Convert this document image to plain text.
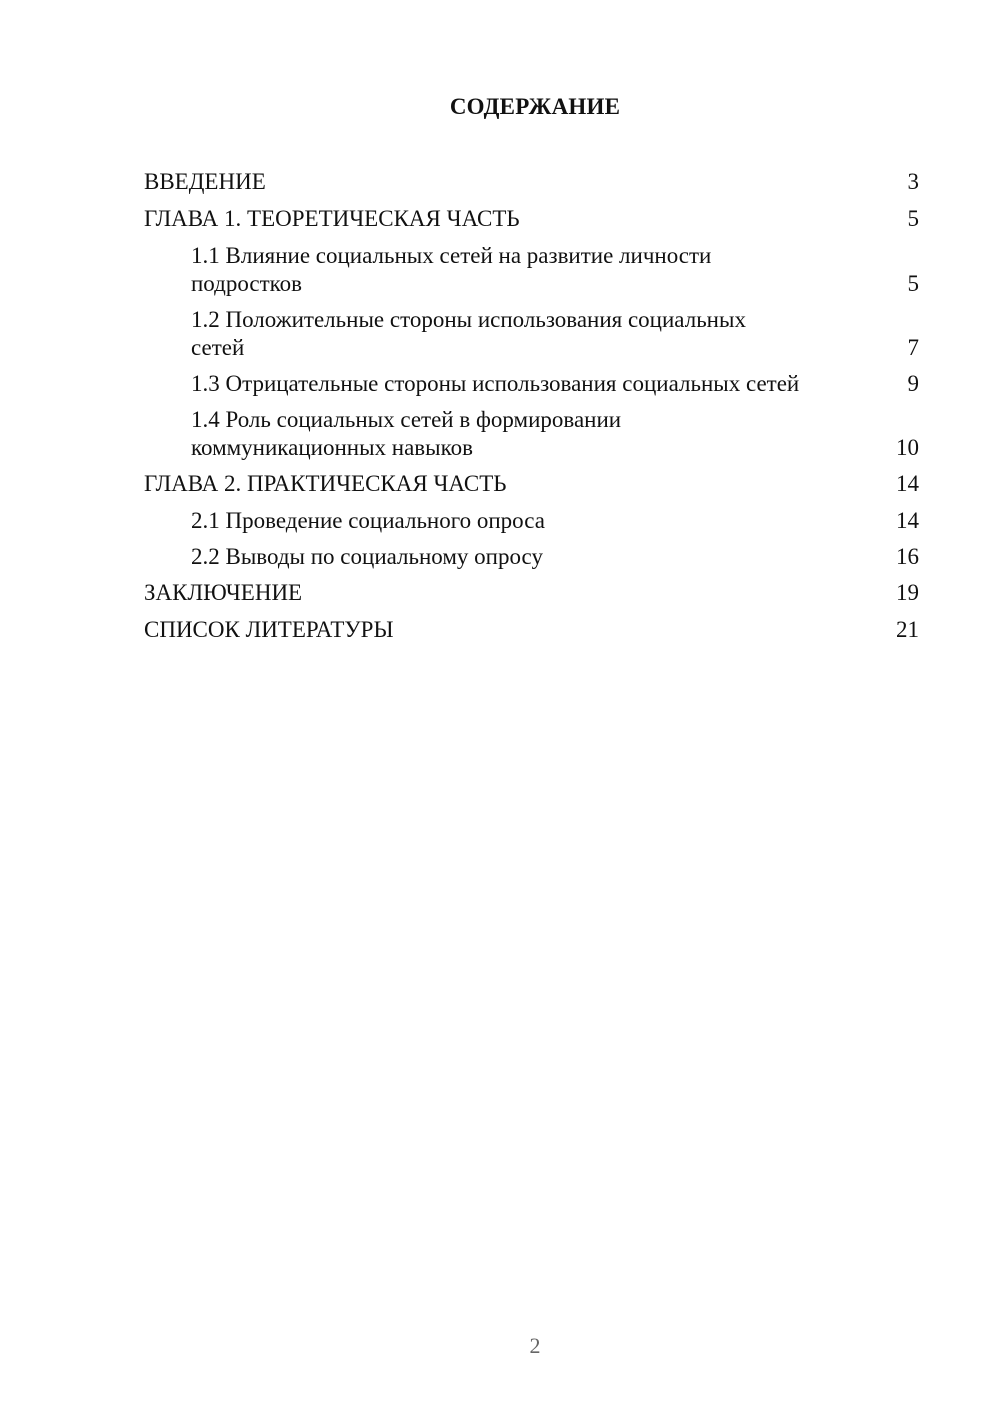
СОДЕРЖАНИЕ
ВВЕДЕНИЕ	3
ГЛАВА 1. ТЕОРЕТИЧЕСКАЯ ЧАСТЬ	5
1.1 Влияние социальных сетей на развитие личности подростков	5
1.2 Положительные стороны использования социальных сетей	7
1.3 Отрицательные стороны использования социальных сетей	9
1.4 Роль социальных сетей в формировании коммуникационных навыков	10
ГЛАВА 2. ПРАКТИЧЕСКАЯ ЧАСТЬ	14
2.1 Проведение социального опроса	14
2.2 Выводы по социальному опросу	16
ЗАКЛЮЧЕНИЕ	19
СПИСОК ЛИТЕРАТУРЫ	21
2
